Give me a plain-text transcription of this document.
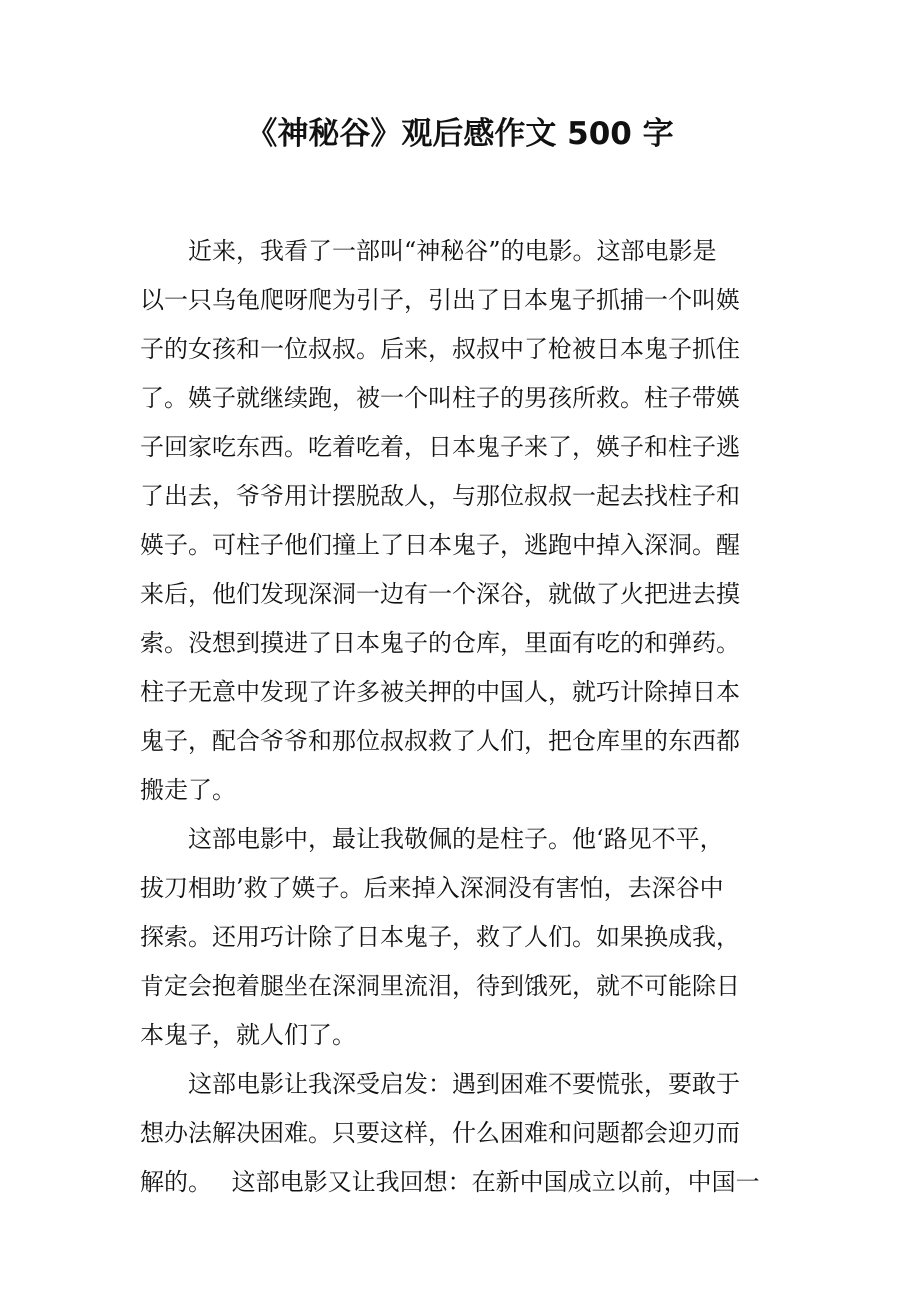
《神秘谷》观后感作文 500 字
近来，我看了一部叫“神秘谷”的电影。这部电影是
以一只乌龟爬呀爬为引子，引出了日本鬼子抓捕一个叫媖
子的女孩和一位叔叔。后来，叔叔中了枪被日本鬼子抓住
了。媖子就继续跑，被一个叫柱子的男孩所救。柱子带媖
子回家吃东西。吃着吃着，日本鬼子来了，媖子和柱子逃
了出去，爷爷用计摆脱敌人，与那位叔叔一起去找柱子和
媖子。可柱子他们撞上了日本鬼子，逃跑中掉入深洞。醒
来后，他们发现深洞一边有一个深谷，就做了火把进去摸
索。没想到摸进了日本鬼子的仓库，里面有吃的和弹药。
柱子无意中发现了许多被关押的中国人，就巧计除掉日本
鬼子，配合爷爷和那位叔叔救了人们，把仓库里的东西都
搬走了。
这部电影中，最让我敬佩的是柱子。他‘路见不平，
拔刀相助’救了媖子。后来掉入深洞没有害怕，去深谷中
探索。还用巧计除了日本鬼子，救了人们。如果换成我，
肯定会抱着腿坐在深洞里流泪，待到饿死，就不可能除日
本鬼子，就人们了。
这部电影让我深受启发：遇到困难不要慌张，要敢于
想办法解决困难。只要这样，什么困难和问题都会迎刃而
解的。　 这部电影又让我回想：在新中国成立以前，中国一
